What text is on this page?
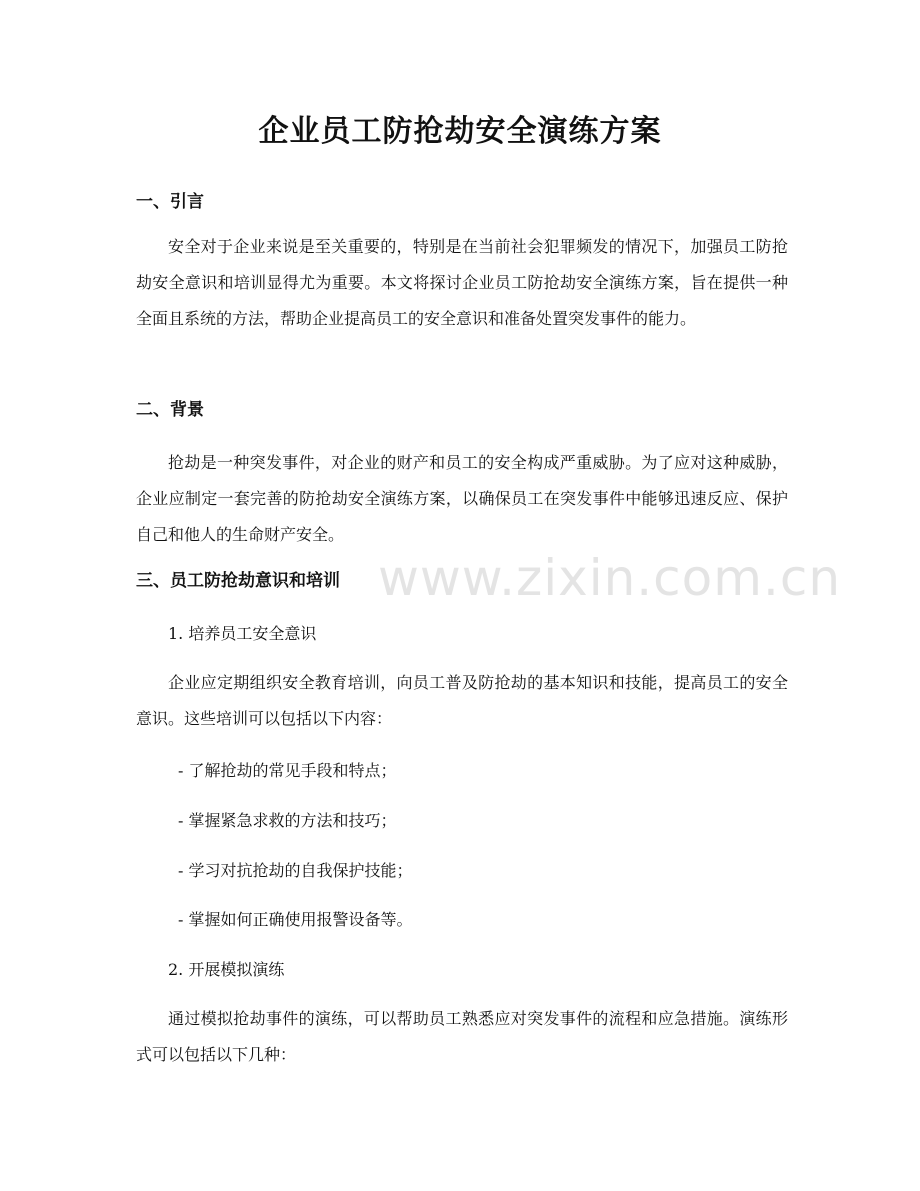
企业员工防抢劫安全演练方案
一、引言

安全对于企业来说是至关重要的，特别是在当前社会犯罪频发的情况下，加强员工防抢劫安全意识和培训显得尤为重要。本文将探讨企业员工防抢劫安全演练方案，旨在提供一种全面且系统的方法，帮助企业提高员工的安全意识和准备处置突发事件的能力。

二、背景

抢劫是一种突发事件，对企业的财产和员工的安全构成严重威胁。为了应对这种威胁，企业应制定一套完善的防抢劫安全演练方案，以确保员工在突发事件中能够迅速反应、保护自己和他人的生命财产安全。

三、员工防抢劫意识和培训
1. 培养员工安全意识

企业应定期组织安全教育培训，向员工普及防抢劫的基本知识和技能，提高员工的安全意识。这些培训可以包括以下内容：

- 了解抢劫的常见手段和特点；
- 掌握紧急求救的方法和技巧；
- 学习对抗抢劫的自我保护技能；
- 掌握如何正确使用报警设备等。
2. 开展模拟演练

通过模拟抢劫事件的演练，可以帮助员工熟悉应对突发事件的流程和应急措施。演练形式可以包括以下几种：

www.zixin.com.cn
